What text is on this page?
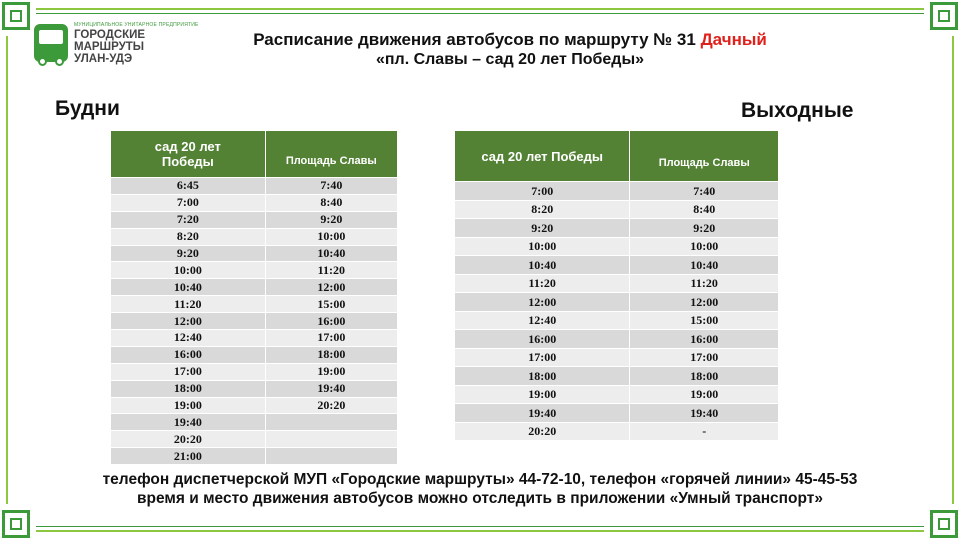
МУНИЦИПАЛЬНОЕ УНИТАРНОЕ ПРЕДПРИЯТИЕ
ГОРОДСКИЕ
МАРШРУТЫ
УЛАН-УДЭ
Расписание движения автобусов по маршруту № 31 Дачный
«пл. Славы – сад 20 лет Победы»
Будни	Выходные
сад 20 лет Победы	Площадь Славы

6:45	7:40
7:00	8:40
7:20	9:20
8:20	10:00
9:20	10:40
10:00	11:20
10:40	12:00
11:20	15:00
12:00	16:00
12:40	17:00
16:00	18:00
17:00	19:00
18:00	19:40
19:00	20:20
19:40	
20:20	
21:00	
сад 20 лет Победы	Площадь Славы

7:00	7:40
8:20	8:40
9:20	9:20
10:00	10:00
10:40	10:40
11:20	11:20
12:00	12:00
12:40	15:00
16:00	16:00
17:00	17:00
18:00	18:00
19:00	19:00
19:40	19:40
20:20	-
телефон диспетчерской МУП «Городские маршруты» 44-72-10, телефон «горячей линии» 45-45-53
время и место движения автобусов можно отследить в приложении «Умный транспорт»
